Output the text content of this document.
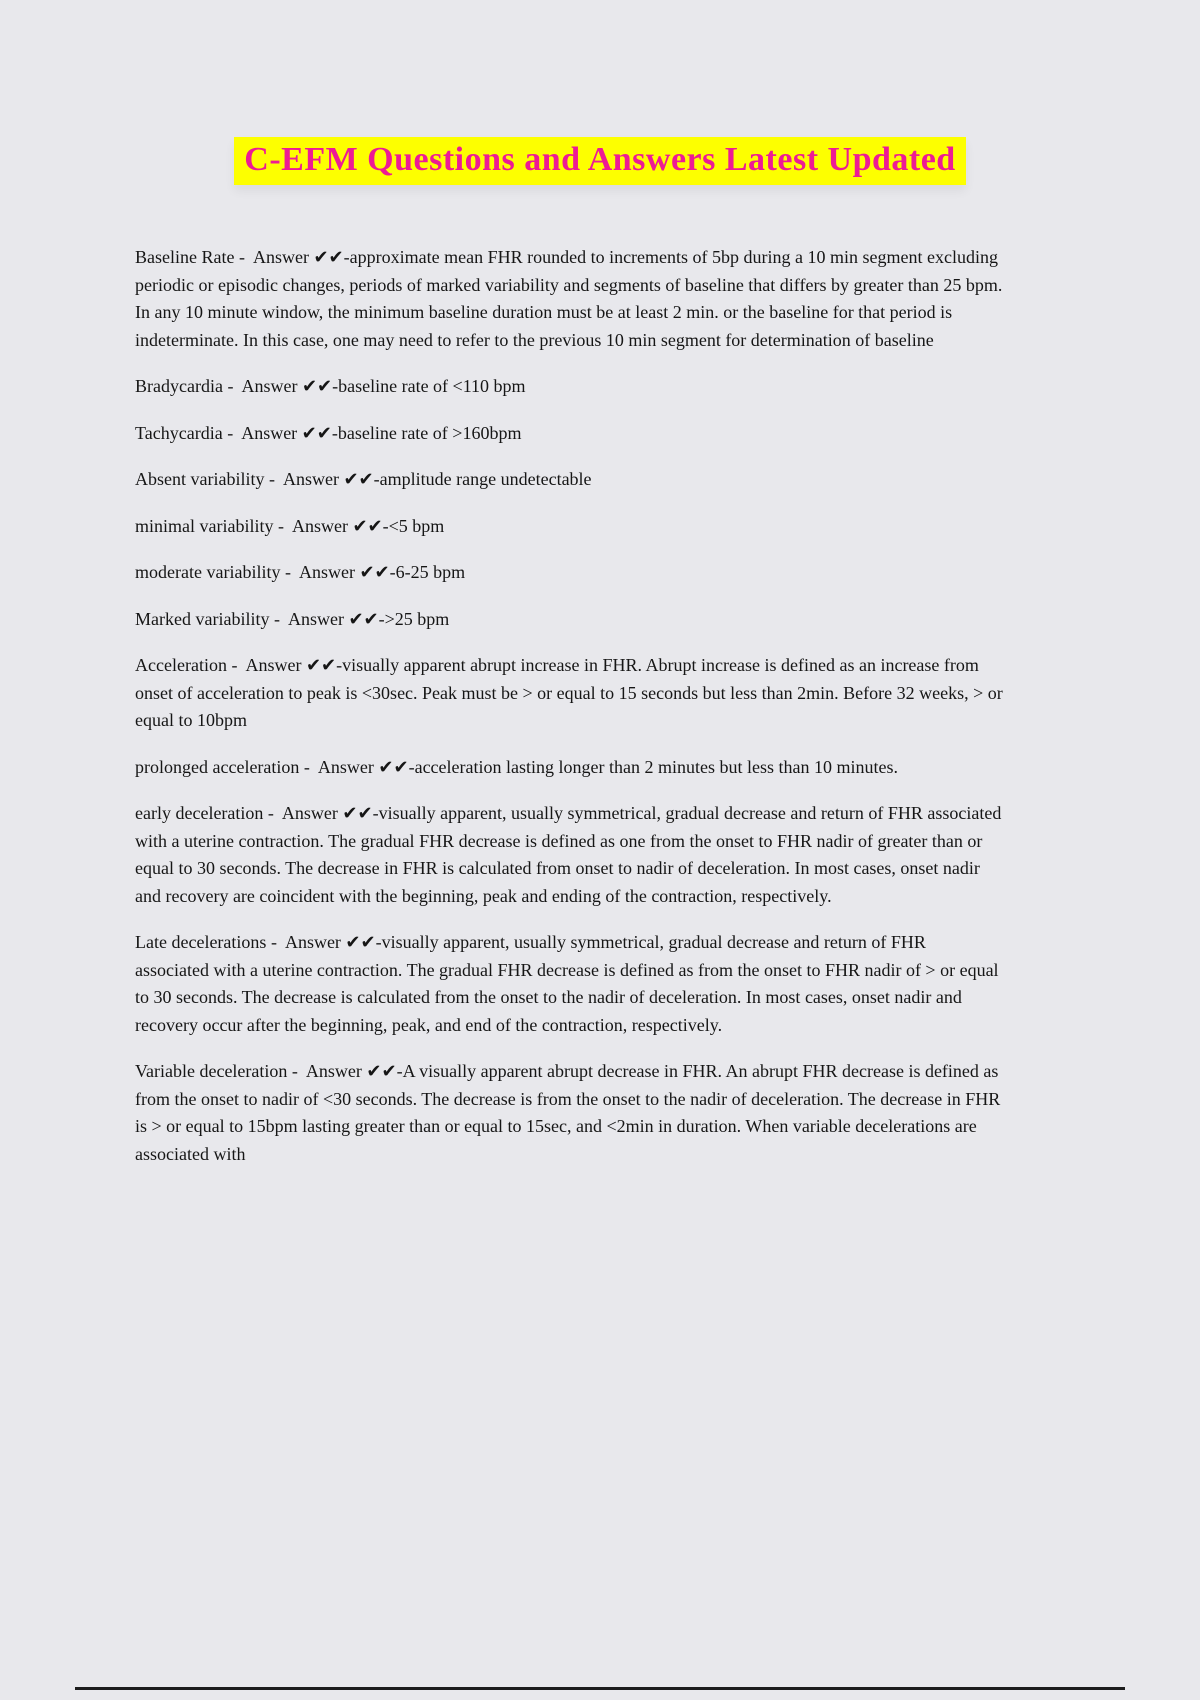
C-EFM Questions and Answers Latest Updated

Baseline Rate -  Answer ✔✔-approximate mean FHR rounded to increments of 5bp during a 10 min segment excluding periodic or episodic changes, periods of marked variability and segments of baseline that differs by greater than 25 bpm. In any 10 minute window, the minimum baseline duration must be at least 2 min. or the baseline for that period is indeterminate. In this case, one may need to refer to the previous 10 min segment for determination of baseline

Bradycardia -  Answer ✔✔-baseline rate of <110 bpm

Tachycardia -  Answer ✔✔-baseline rate of >160bpm

Absent variability -  Answer ✔✔-amplitude range undetectable

minimal variability -  Answer ✔✔-<5 bpm

moderate variability -  Answer ✔✔-6-25 bpm

Marked variability -  Answer ✔✔->25 bpm

Acceleration -  Answer ✔✔-visually apparent abrupt increase in FHR. Abrupt increase is defined as an increase from onset of acceleration to peak is <30sec. Peak must be > or equal to 15 seconds but less than 2min. Before 32 weeks, > or equal to 10bpm

prolonged acceleration -  Answer ✔✔-acceleration lasting longer than 2 minutes but less than 10 minutes.

early deceleration -  Answer ✔✔-visually apparent, usually symmetrical, gradual decrease and return of FHR associated with a uterine contraction. The gradual FHR decrease is defined as one from the onset to FHR nadir of greater than or equal to 30 seconds. The decrease in FHR is calculated from onset to nadir of deceleration. In most cases, onset nadir and recovery are coincident with the beginning, peak and ending of the contraction, respectively.

Late decelerations -  Answer ✔✔-visually apparent, usually symmetrical, gradual decrease and return of FHR associated with a uterine contraction. The gradual FHR decrease is defined as from the onset to FHR nadir of > or equal to 30 seconds. The decrease is calculated from the onset to the nadir of deceleration. In most cases, onset nadir and recovery occur after the beginning, peak, and end of the contraction, respectively.

Variable deceleration -  Answer ✔✔-A visually apparent abrupt decrease in FHR. An abrupt FHR decrease is defined as from the onset to nadir of <30 seconds. The decrease is from the onset to the nadir of deceleration. The decrease in FHR is > or equal to 15bpm lasting greater than or equal to 15sec, and <2min in duration. When variable decelerations are associated with
